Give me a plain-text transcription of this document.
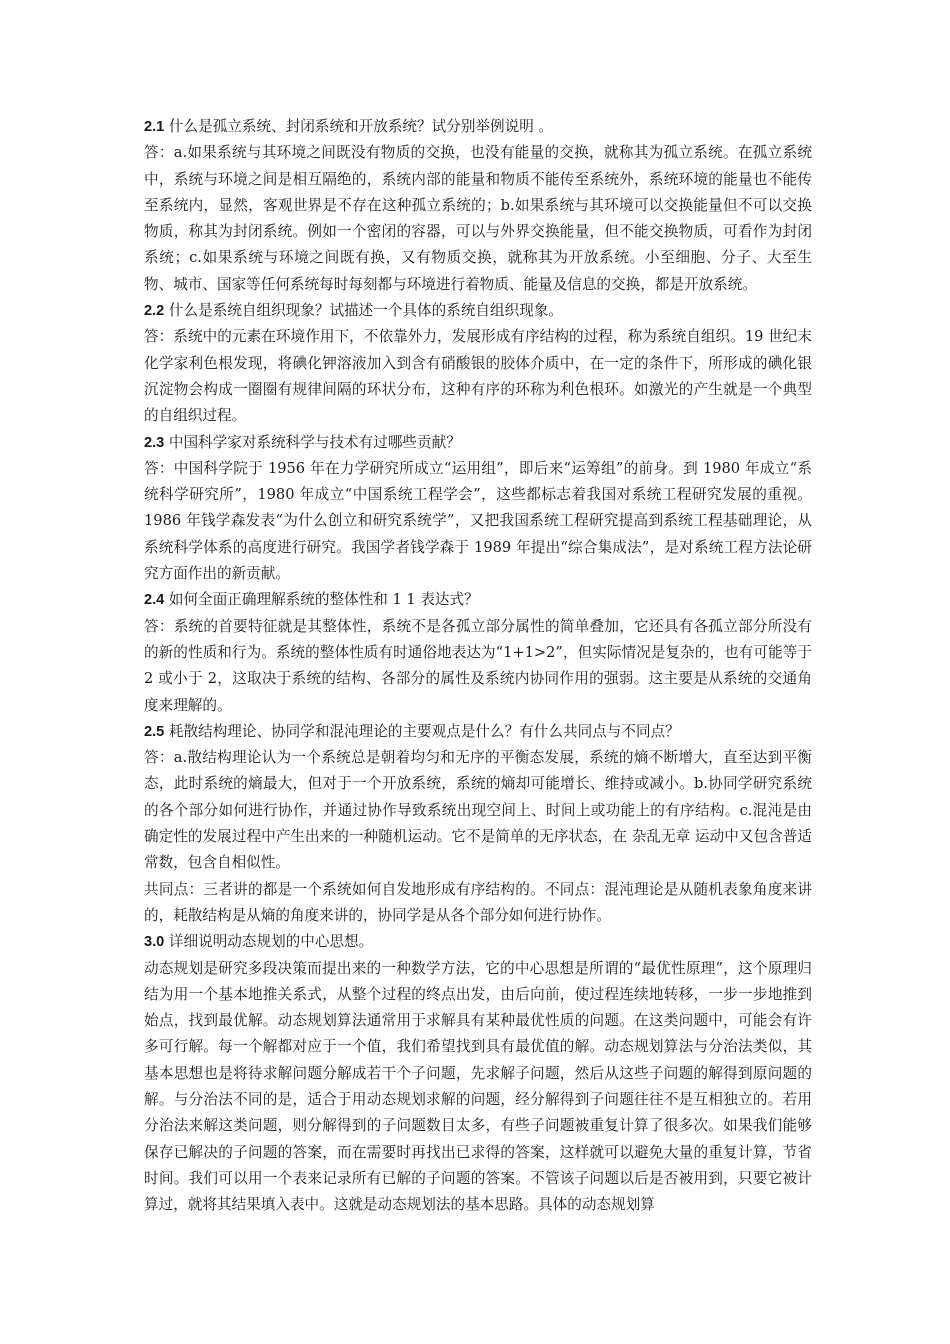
2.1 什么是孤立系统、封闭系统和开放系统？试分别举例说明 。

答：a.如果系统与其环境之间既没有物质的交换，也没有能量的交换，就称其为孤立系统。在孤立系统中，系统与环境之间是相互隔绝的，系统内部的能量和物质不能传至系统外，系统环境的能量也不能传至系统内，显然，客观世界是不存在这种孤立系统的；b.如果系统与其环境可以交换能量但不可以交换物质，称其为封闭系统。例如一个密闭的容器，可以与外界交换能量，但不能交换物质，可看作为封闭系统；c.如果系统与环境之间既有换，又有物质交换，就称其为开放系统。小至细胞、分子、大至生物、城市、国家等任何系统每时每刻都与环境进行着物质、能量及信息的交换，都是开放系统。

2.2 什么是系统自组织现象？试描述一个具体的系统自组织现象。

答：系统中的元素在环境作用下，不依靠外力，发展形成有序结构的过程，称为系统自组织。19 世纪末化学家利色根发现，将碘化钾溶液加入到含有硝酸银的胶体介质中，在一定的条件下，所形成的碘化银沉淀物会构成一圈圈有规律间隔的环状分布，这种有序的环称为利色根环。如激光的产生就是一个典型的自组织过程。

2.3 中国科学家对系统科学与技术有过哪些贡献？

答：中国科学院于 1956 年在力学研究所成立“运用组”，即后来“运筹组”的前身。到 1980 年成立“系统科学研究所”，1980 年成立“中国系统工程学会”，这些都标志着我国对系统工程研究发展的重视。1986 年钱学森发表“为什么创立和研究系统学”，又把我国系统工程研究提高到系统工程基础理论，从系统科学体系的高度进行研究。我国学者钱学森于 1989 年提出“综合集成法”，是对系统工程方法论研究方面作出的新贡献。

2.4 如何全面正确理解系统的整体性和 1 1 表达式？

答：系统的首要特征就是其整体性，系统不是各孤立部分属性的简单叠加，它还具有各孤立部分所没有的新的性质和行为。系统的整体性质有时通俗地表达为“1+1>2”，但实际情况是复杂的，也有可能等于 2 或小于 2，这取决于系统的结构、各部分的属性及系统内协同作用的强弱。这主要是从系统的交通角度来理解的。

2.5 耗散结构理论、协同学和混沌理论的主要观点是什么？有什么共同点与不同点？

答：a.散结构理论认为一个系统总是朝着均匀和无序的平衡态发展，系统的熵不断增大，直至达到平衡态，此时系统的熵最大，但对于一个开放系统，系统的熵却可能增长、维持或减小。b.协同学研究系统的各个部分如何进行协作，并通过协作导致系统出现空间上、时间上或功能上的有序结构。c.混沌是由确定性的发展过程中产生出来的一种随机运动。它不是简单的无序状态，在 杂乱无章 运动中又包含普适常数，包含自相似性。

共同点：三者讲的都是一个系统如何自发地形成有序结构的。不同点：混沌理论是从随机表象角度来讲的，耗散结构是从熵的角度来讲的，协同学是从各个部分如何进行协作。

3.0 详细说明动态规划的中心思想。

动态规划是研究多段决策而提出来的一种数学方法，它的中心思想是所谓的“最优性原理”，这个原理归结为用一个基本地推关系式，从整个过程的终点出发，由后向前，使过程连续地转移，一步一步地推到始点，找到最优解。动态规划算法通常用于求解具有某种最优性质的问题。在这类问题中，可能会有许多可行解。每一个解都对应于一个值，我们希望找到具有最优值的解。动态规划算法与分治法类似，其基本思想也是将待求解问题分解成若干个子问题，先求解子问题，然后从这些子问题的解得到原问题的解。与分治法不同的是，适合于用动态规划求解的问题，经分解得到子问题往往不是互相独立的。若用分治法来解这类问题，则分解得到的子问题数目太多，有些子问题被重复计算了很多次。如果我们能够保存已解决的子问题的答案，而在需要时再找出已求得的答案，这样就可以避免大量的重复计算，节省时间。我们可以用一个表来记录所有已解的子问题的答案。不管该子问题以后是否被用到，只要它被计算过，就将其结果填入表中。这就是动态规划法的基本思路。具体的动态规划算
